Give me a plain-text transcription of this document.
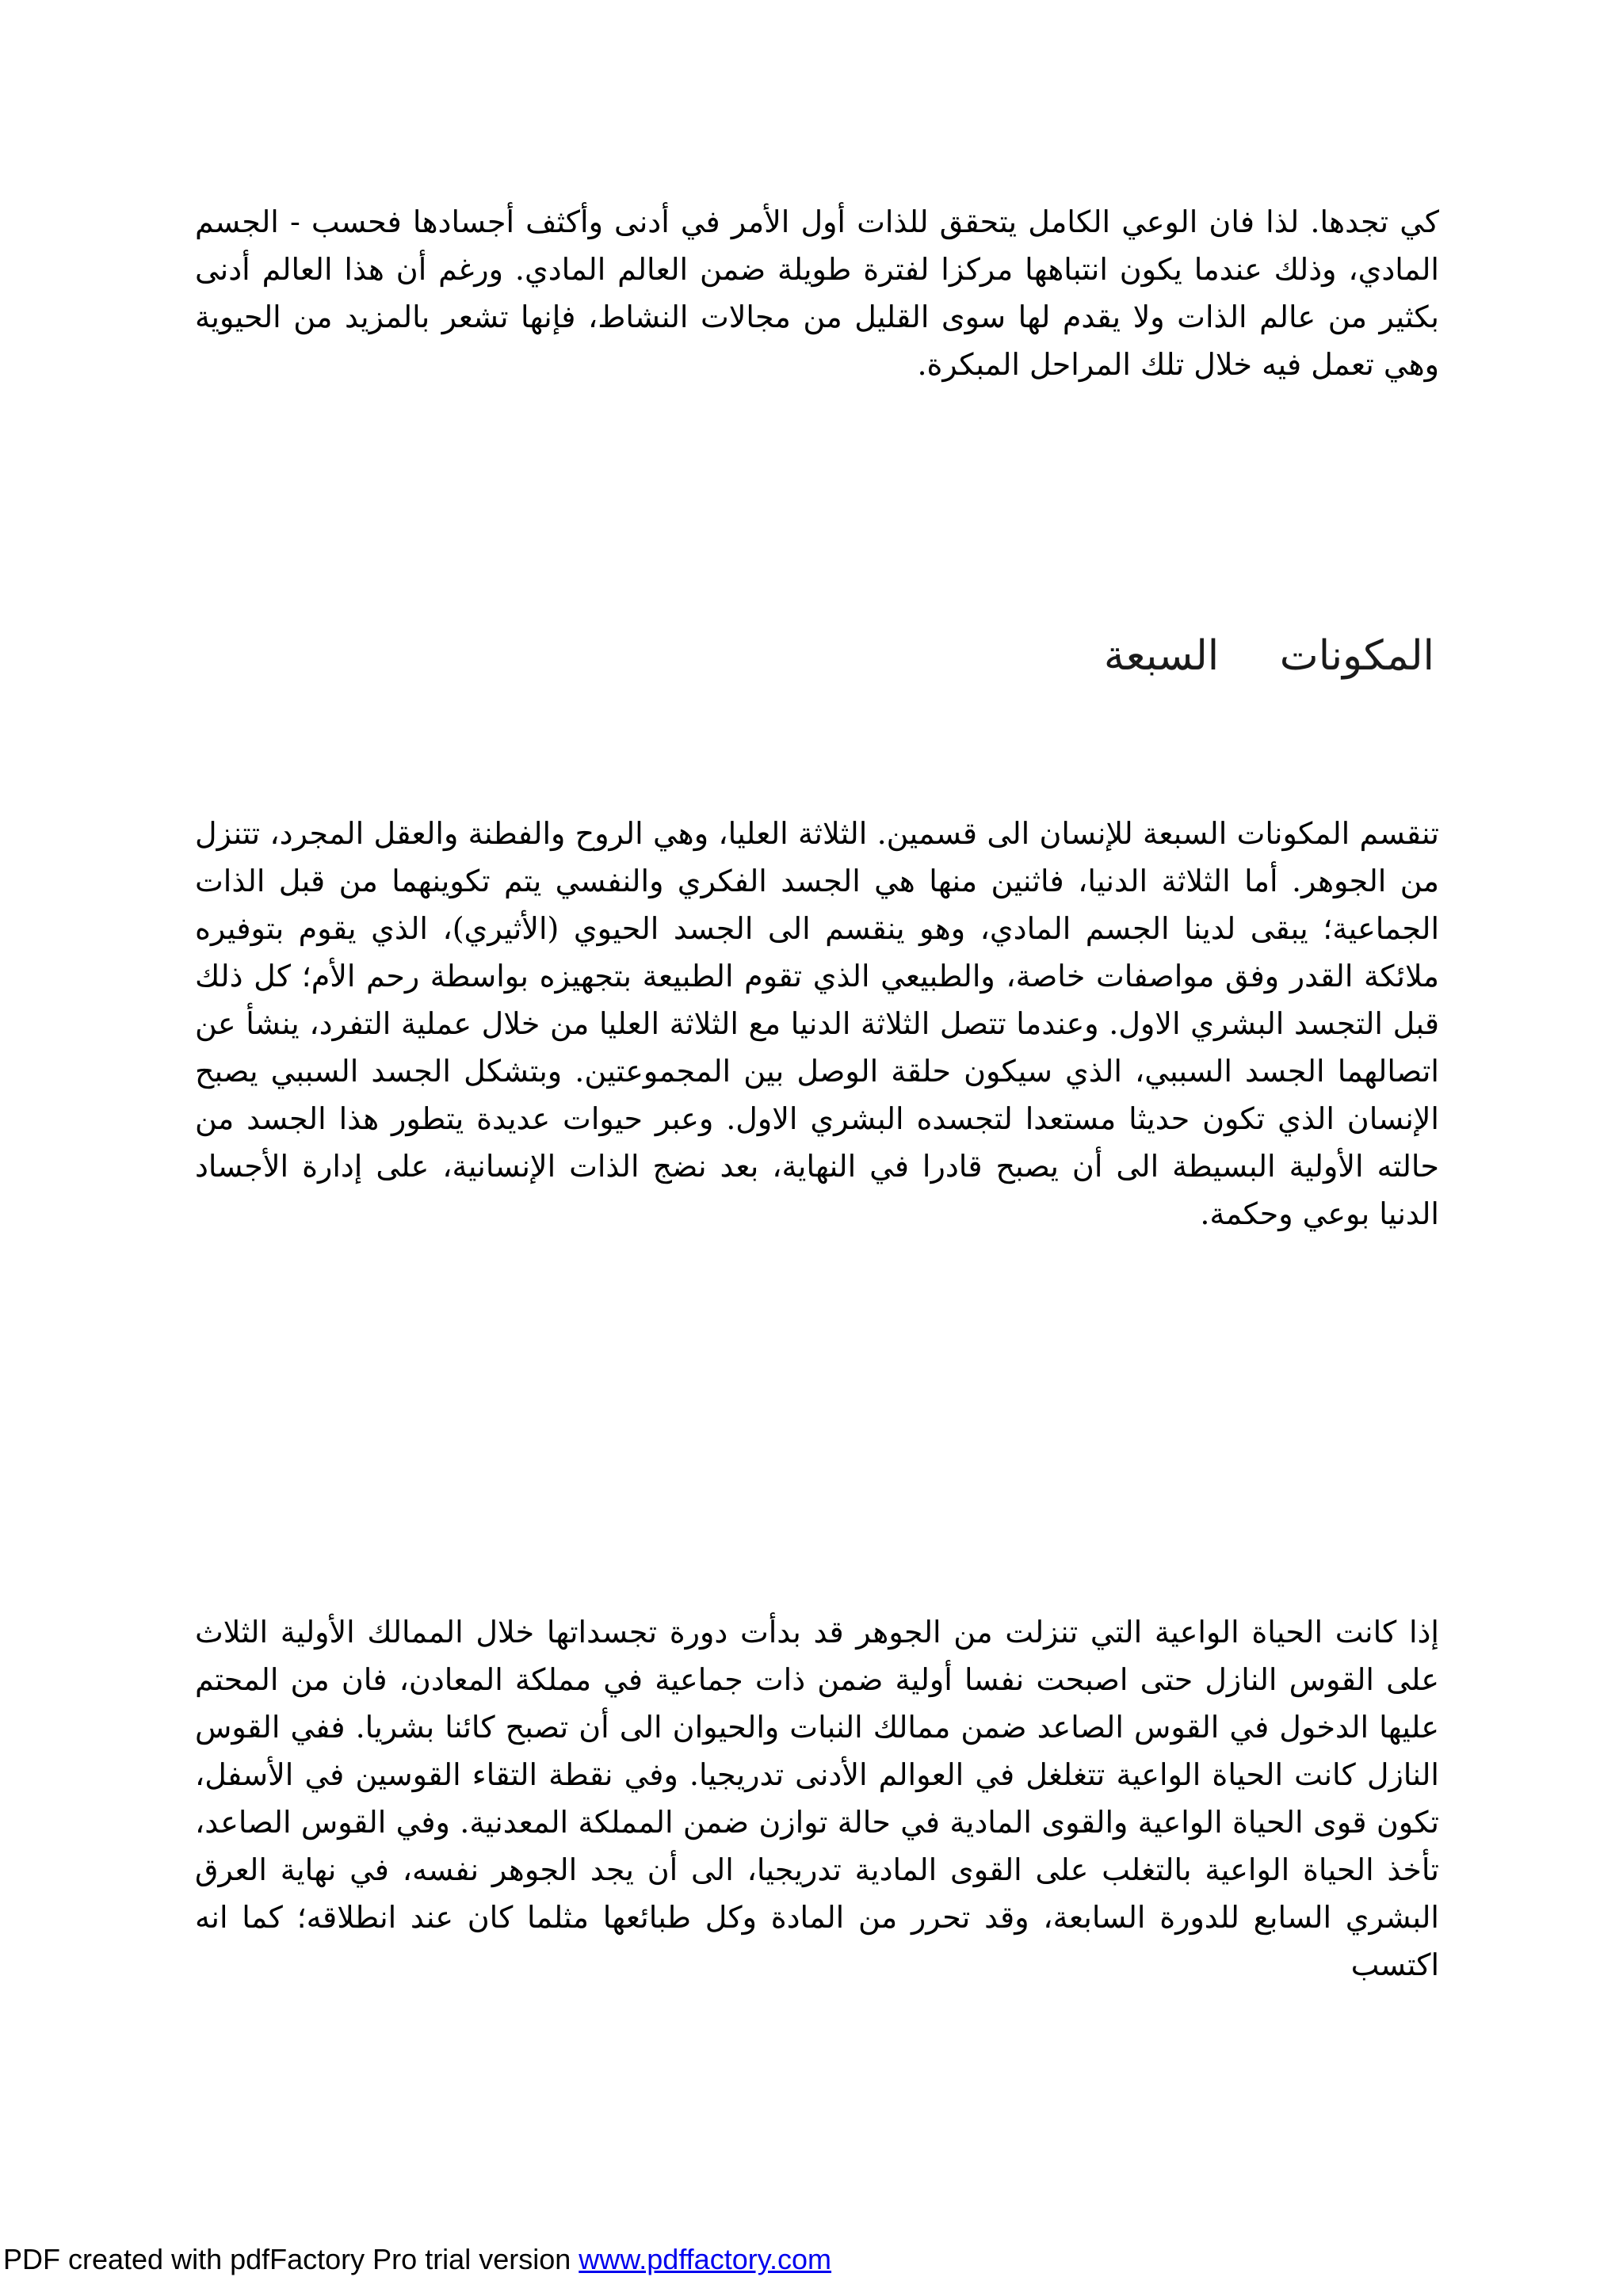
كي تجدها. لذا فان الوعي الكامل يتحقق للذات أول الأمر في أدنى وأكثف أجسادها فحسب - الجسم المادي، وذلك عندما يكون انتباهها مركزا لفترة طويلة ضمن العالم المادي. ورغم أن هذا العالم أدنى بكثير من عالم الذات ولا يقدم لها سوى القليل من مجالات النشاط، فإنها تشعر بالمزيد من الحيوية وهي تعمل فيه خلال تلك المراحل المبكرة.

المكونات السبعة

تنقسم المكونات السبعة للإنسان الى قسمين. الثلاثة العليا، وهي الروح والفطنة والعقل المجرد، تتنزل من الجوهر. أما الثلاثة الدنيا، فاثنين منها هي الجسد الفكري والنفسي يتم تكوينهما من قبل الذات الجماعية؛ يبقى لدينا الجسم المادي، وهو ينقسم الى الجسد الحيوي (الأثيري)، الذي يقوم بتوفيره ملائكة القدر وفق مواصفات خاصة، والطبيعي الذي تقوم الطبيعة بتجهيزه بواسطة رحم الأم؛ كل ذلك قبل التجسد البشري الاول. وعندما تتصل الثلاثة الدنيا مع الثلاثة العليا من خلال عملية التفرد، ينشأ عن اتصالهما الجسد السببي، الذي سيكون حلقة الوصل بين المجموعتين. وبتشكل الجسد السببي يصبح الإنسان الذي تكون حديثا مستعدا لتجسده البشري الاول. وعبر حيوات عديدة يتطور هذا الجسد من حالته الأولية البسيطة الى أن يصبح قادرا في النهاية، بعد نضج الذات الإنسانية، على إدارة الأجساد الدنيا بوعي وحكمة.

إذا كانت الحياة الواعية التي تنزلت من الجوهر قد بدأت دورة تجسداتها خلال الممالك الأولية الثلاث على القوس النازل حتى اصبحت نفسا أولية ضمن ذات جماعية في مملكة المعادن، فان من المحتم عليها الدخول في القوس الصاعد ضمن ممالك النبات والحيوان الى أن تصبح كائنا بشريا. ففي القوس النازل كانت الحياة الواعية تتغلغل في العوالم الأدنى تدريجيا. وفي نقطة التقاء القوسين في الأسفل، تكون قوى الحياة الواعية والقوى المادية في حالة توازن ضمن المملكة المعدنية. وفي القوس الصاعد، تأخذ الحياة الواعية بالتغلب على القوى المادية تدريجيا، الى أن يجد الجوهر نفسه، في نهاية العرق البشري السابع للدورة السابعة، وقد تحرر من المادة وكل طبائعها مثلما كان عند انطلاقه؛ كما انه اكتسب

PDF created with pdfFactory Pro trial version www.pdffactory.com
